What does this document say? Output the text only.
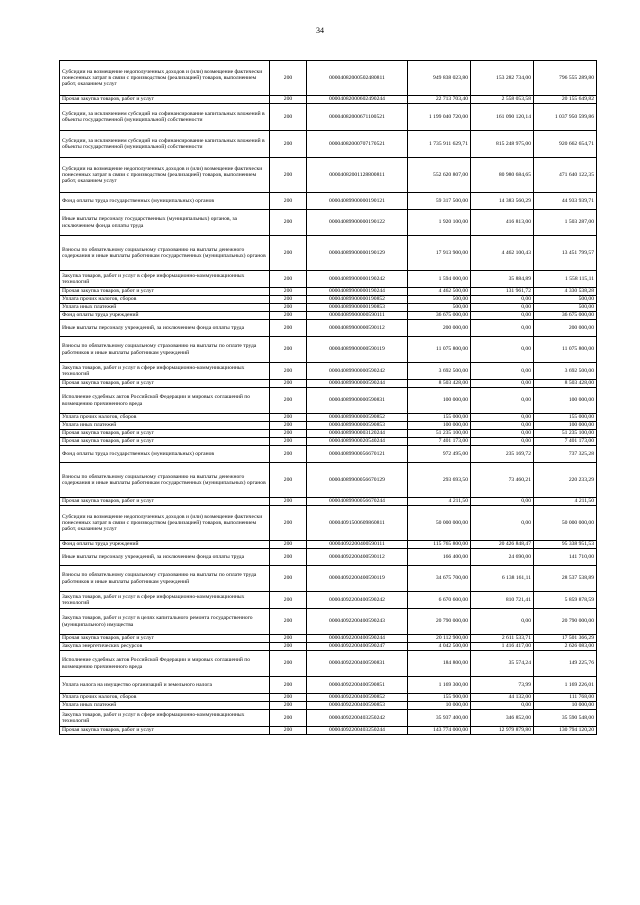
34
Субсидии на возмещение недополученных доходов и (или) возмещение фактически понесенных затрат в связи с производством (реализацией) товаров, выполнением работ, оказанием услуг	200	00004082000502480811	949 838 023,80	153 282 734,00	796 555 289,80
Прочая закупка товаров, работ и услуг	200	00004082000602490244	22 713 703,40	2 558 053,58	20 155 649,82
Субсидии, за исключением субсидий на софинансирование капитальных вложений в объекты государственной (муниципальной) собственности	200	00004082000671100521	1 199 040 720,00	161 090 120,14	1 037 950 599,86
Субсидии, за исключением субсидий на софинансирование капитальных вложений в объекты государственной (муниципальной) собственности	200	00004082000707170521	1 735 911 629,71	815 248 975,00	920 662 654,71
Субсидии на возмещение недополученных доходов и (или) возмещение фактически понесенных затрат в связи с производством (реализацией) товаров, выполнением работ, оказанием услуг	200	00004082001128800811	552 620 807,00	80 980 684,65	471 640 122,35
Фонд оплаты труда государственных (муниципальных) органов	200	00004089900000190121	59 317 500,00	14 383 560,29	44 933 939,71
Иные выплаты персоналу государственных (муниципальных) органов, за исключением фонда оплаты труда	200	00004089900000190122	1 920 100,00	416 813,00	1 503 287,00
Взносы по обязательному социальному страхованию на выплаты денежного содержания и иные выплаты работникам государственных (муниципальных) органов	200	00004089900000190129	17 913 900,00	4 462 100,43	13 451 799,57
Закупка товаров, работ и услуг в сфере информационно-коммуникационных технологий	200	00004089900000190242	1 594 000,00	35 884,89	1 558 115,11
Прочая закупка товаров, работ и услуг	200	00004089900000190244	4 462 500,00	131 961,72	4 330 538,28
Уплата прочих налогов, сборов	200	00004089900000190852	500,00	0,00	500,00
Уплата иных платежей	200	00004089900000190853	500,00	0,00	500,00
Фонд оплаты труда учреждений	200	00004089900000590111	36 675 000,00	0,00	36 675 000,00
Иные выплаты персоналу учреждений, за исключением фонда оплаты труда	200	00004089900000590112	200 000,00	0,00	200 000,00
Взносы по обязательному социальному страхованию на выплаты по оплате труда работников и иные выплаты работникам учреждений	200	00004089900000590119	11 075 800,00	0,00	11 075 800,00
Закупка товаров, работ и услуг в сфере информационно-коммуникационных технологий	200	00004089900000590242	3 692 500,00	0,00	3 692 500,00
Прочая закупка товаров, работ и услуг	200	00004089900000590244	8 503 428,00	0,00	8 503 428,00
Исполнение судебных актов Российской Федерации и мировых соглашений по возмещению причиненного вреда	200	00004089900000590831	100 000,00	0,00	100 000,00
Уплата прочих налогов, сборов	200	00004089900000590852	155 000,00	0,00	155 000,00
Уплата иных платежей	200	00004089900000590853	100 000,00	0,00	100 000,00
Прочая закупка товаров, работ и услуг	200	00004089900003120244	51 235 100,00	0,00	51 235 100,00
Прочая закупка товаров, работ и услуг	200	00004089900020540244	7 401 173,00	0,00	7 401 173,00
Фонд оплаты труда государственных (муниципальных) органов	200	00004089900056670121	972 495,00	235 169,72	737 325,28
Взносы по обязательному социальному страхованию на выплаты денежного содержания и иные выплаты работникам государственных (муниципальных) органов	200	00004089900056670129	293 693,50	73 460,21	220 233,29
Прочая закупка товаров, работ и услуг	200	00004089900056670244	4 211,50	0,00	4 211,50
Субсидии на возмещение недополученных доходов и (или) возмещение фактически понесенных затрат в связи с производством (реализацией) товаров, выполнением работ, оказанием услуг	200	00004091500609860811	50 000 000,00	0,00	50 000 000,00
Фонд оплаты труда учреждений	200	00004092200400590111	115 765 800,00	20 426 848,47	95 338 951,53
Иные выплаты персоналу учреждений, за исключением фонда оплаты труда	200	00004092200400590112	166 400,00	24 690,00	141 710,00
Взносы по обязательному социальному страхованию на выплаты по оплате труда работников и иные выплаты работникам учреждений	200	00004092200400590119	34 675 700,00	6 138 161,11	28 537 538,89
Закупка товаров, работ и услуг в сфере информационно-коммуникационных технологий	200	00004092200400590242	6 670 600,00	810 721,41	5 859 878,59
Закупка товаров, работ и услуг в целях капитального ремонта государственного (муниципального) имущества	200	00004092200400590243	20 790 000,00	0,00	20 790 000,00
Прочая закупка товаров, работ и услуг	200	00004092200400590244	20 112 900,00	2 611 533,71	17 501 366,29
Закупка энергетических ресурсов	200	00004092200400590247	4 042 500,00	1 416 417,00	2 626 083,00
Исполнение судебных актов Российской Федерации и мировых соглашений по возмещению причиненного вреда	200	00004092200400590831	184 800,00	35 574,24	149 225,76
Уплата налога на имущество организаций и земельного налога	200	00004092200400590851	1 169 300,00	73,99	1 169 226,01
Уплата прочих налогов, сборов	200	00004092200400590852	155 900,00	44 132,00	111 768,00
Уплата иных платежей	200	00004092200400590853	10 000,00	0,00	10 000,00
Закупка товаров, работ и услуг в сфере информационно-коммуникационных технологий	200	00004092200403250242	35 937 400,00	346 852,00	35 590 548,00
Прочая закупка товаров, работ и услуг	200	00004092200403250244	143 774 000,00	12 979 879,80	130 794 120,20
